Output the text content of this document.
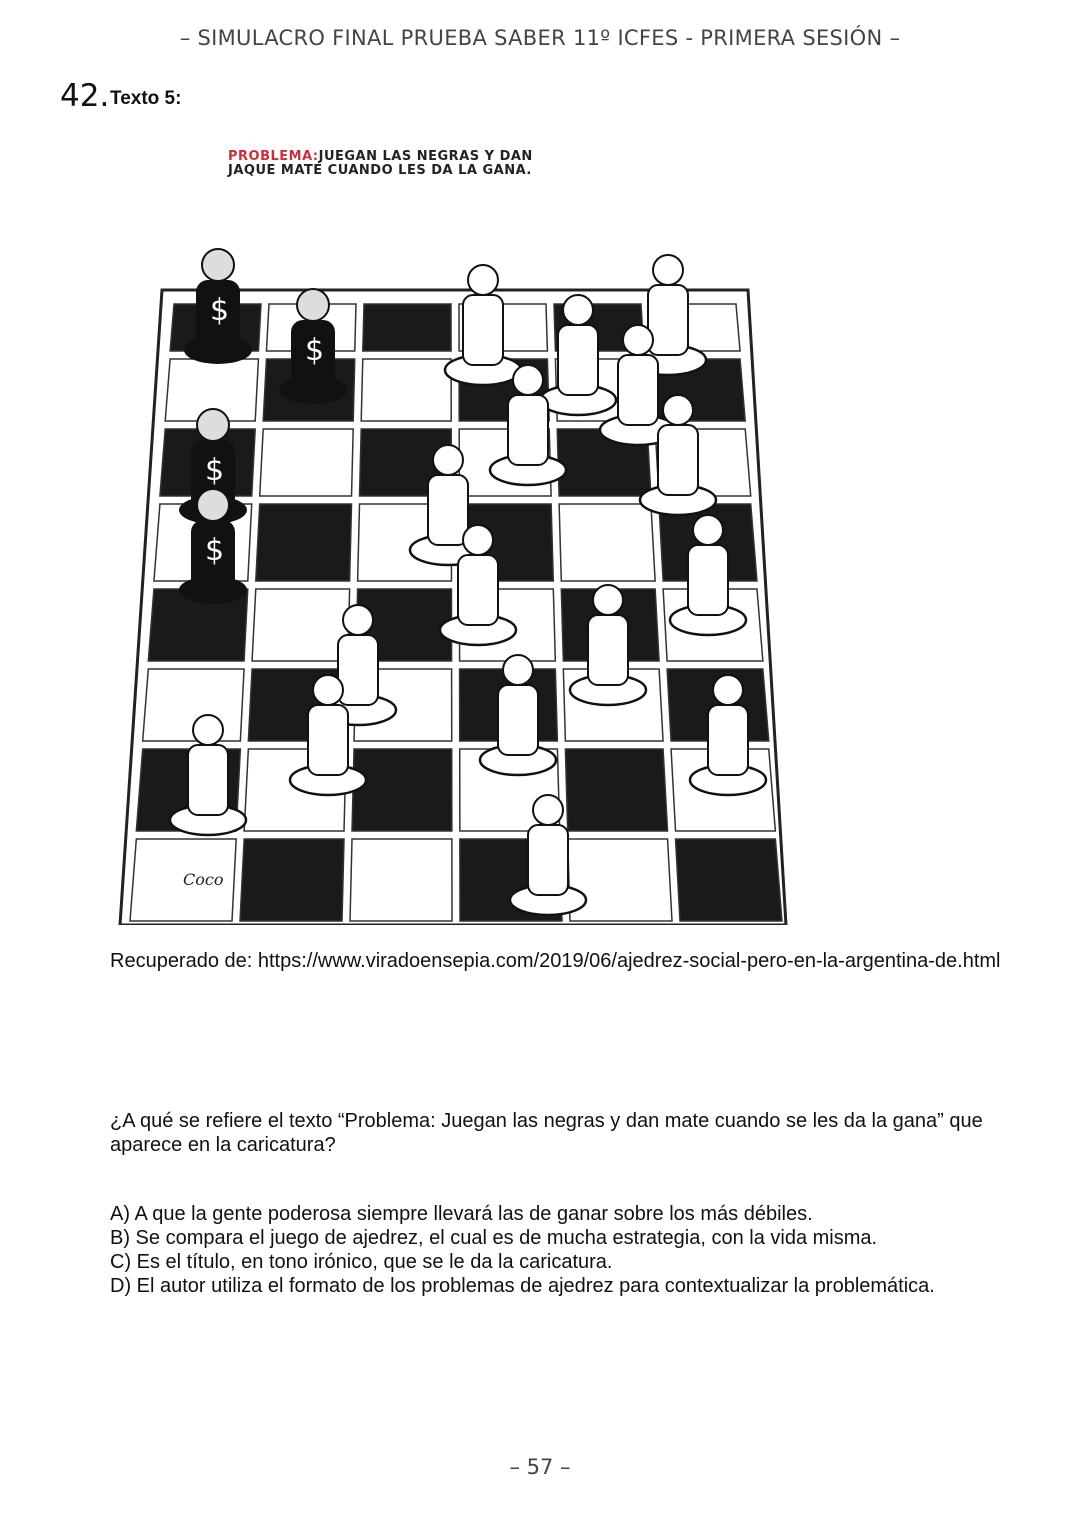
– SIMULACRO FINAL PRUEBA SABER 11º ICFES - PRIMERA SESIÓN –
42. Texto 5:
$
$
$
$
Coco
PROBLEMA:JUEGAN LAS NEGRAS Y DAN
JAQUE MATE CUANDO LES DA LA GANA.
Recuperado de: https://www.viradoensepia.com/2019/06/ajedrez-social-pero-en-la-argentina-de.html
¿A qué se refiere el texto “Problema: Juegan las negras y dan mate cuando se les da la gana” que aparece en la caricatura?
A) A que la gente poderosa siempre llevará las de ganar sobre los más débiles.
B) Se compara el juego de ajedrez, el cual es de mucha estrategia, con la vida misma.
C) Es el título, en tono irónico, que se le da la caricatura.
D) El autor utiliza el formato de los problemas de ajedrez para contextualizar la problemática.
– 57 –
